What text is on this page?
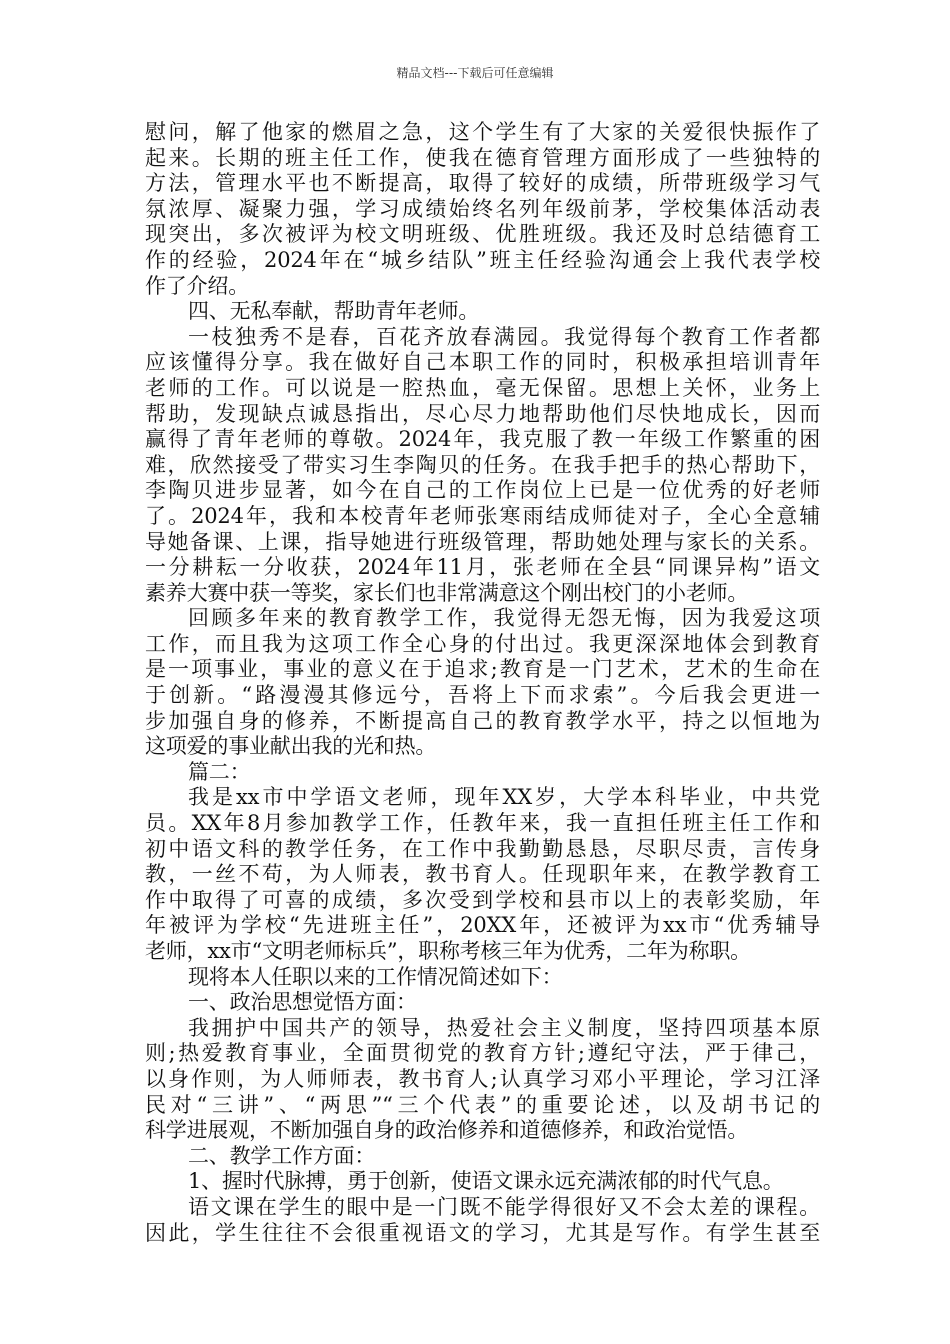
精品文档---下载后可任意编辑
慰问，解了他家的燃眉之急，这个学生有了大家的关爱很快振作了
起来。长期的班主任工作，使我在德育管理方面形成了一些独特的
方法，管理水平也不断提高，取得了较好的成绩，所带班级学习气
氛浓厚、凝聚力强，学习成绩始终名列年级前茅，学校集体活动表
现突出，多次被评为校文明班级、优胜班级。我还及时总结德育工
作的经验，2024年在“城乡结队”班主任经验沟通会上我代表学校
作了介绍。
四、无私奉献，帮助青年老师。
一枝独秀不是春，百花齐放春满园。我觉得每个教育工作者都
应该懂得分享。我在做好自己本职工作的同时，积极承担培训青年
老师的工作。可以说是一腔热血，毫无保留。思想上关怀，业务上
帮助，发现缺点诚恳指出，尽心尽力地帮助他们尽快地成长，因而
赢得了青年老师的尊敬。2024年，我克服了教一年级工作繁重的困
难，欣然接受了带实习生李陶贝的任务。在我手把手的热心帮助下，
李陶贝进步显著，如今在自己的工作岗位上已是一位优秀的好老师
了。2024年，我和本校青年老师张寒雨结成师徒对子，全心全意辅
导她备课、上课，指导她进行班级管理，帮助她处理与家长的关系。
一分耕耘一分收获，2024年11月，张老师在全县“同课异构”语文
素养大赛中获一等奖，家长们也非常满意这个刚出校门的小老师。
回顾多年来的教育教学工作，我觉得无怨无悔，因为我爱这项
工作，而且我为这项工作全心身的付出过。我更深深地体会到教育
是一项事业，事业的意义在于追求;教育是一门艺术，艺术的生命在
于创新。“路漫漫其修远兮，吾将上下而求索”。今后我会更进一
步加强自身的修养，不断提高自己的教育教学水平，持之以恒地为
这项爱的事业献出我的光和热。
篇二：
我是xx市中学语文老师，现年XX岁，大学本科毕业，中共党
员。XX年8月参加教学工作，任教年来，我一直担任班主任工作和
初中语文科的教学任务，在工作中我勤勤恳恳，尽职尽责，言传身
教，一丝不苟，为人师表，教书育人。任现职年来，在教学教育工
作中取得了可喜的成绩，多次受到学校和县市以上的表彰奖励，年
年被评为学校“先进班主任”，20XX年，还被评为xx市“优秀辅导
老师，xx市“文明老师标兵”，职称考核三年为优秀，二年为称职。
现将本人任职以来的工作情况简述如下：
一、政治思想觉悟方面：
我拥护中国共产的领导，热爱社会主义制度，坚持四项基本原
则;热爱教育事业，全面贯彻党的教育方针;遵纪守法，严于律己，
以身作则，为人师师表，教书育人;认真学习邓小平理论，学习江泽
民对“三讲”、“两思”“三个代表”的重要论述，以及胡书记的
科学进展观，不断加强自身的政治修养和道德修养，和政治觉悟。
二、教学工作方面：
1、握时代脉搏，勇于创新，使语文课永远充满浓郁的时代气息。
语文课在学生的眼中是一门既不能学得很好又不会太差的课程。
因此，学生往往不会很重视语文的学习，尤其是写作。有学生甚至
